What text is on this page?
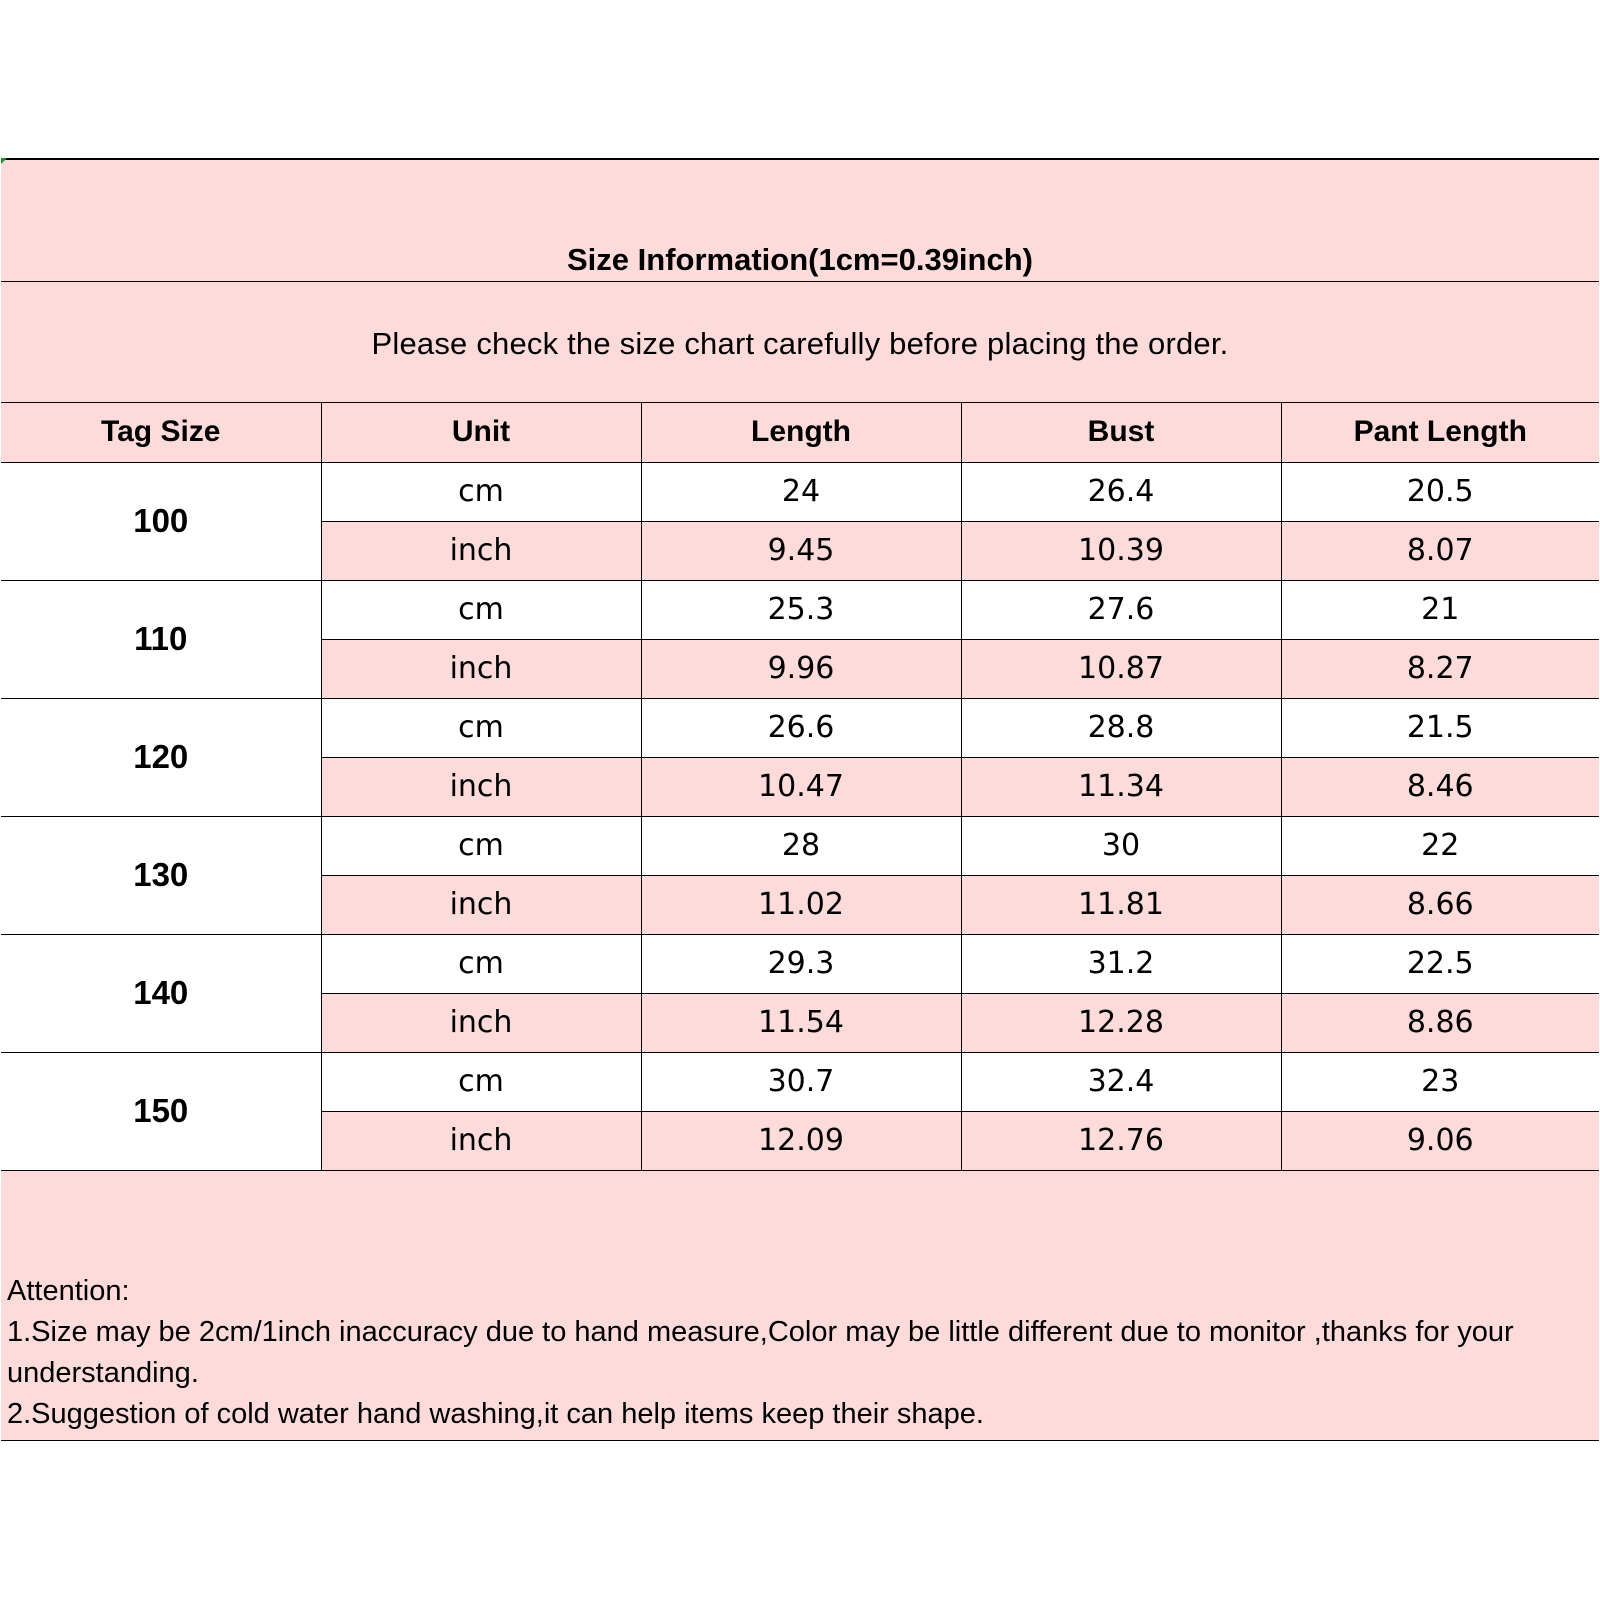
Size Information(1cm=0.39inch)
Please check the size chart carefully before placing the order.
Tag Size	Unit	Length	Bust	Pant Length
100	cm	24	26.4	20.5
	inch	9.45	10.39	8.07
110	cm	25.3	27.6	21
	inch	9.96	10.87	8.27
120	cm	26.6	28.8	21.5
	inch	10.47	11.34	8.46
130	cm	28	30	22
	inch	11.02	11.81	8.66
140	cm	29.3	31.2	22.5
	inch	11.54	12.28	8.86
150	cm	30.7	32.4	23
	inch	12.09	12.76	9.06
Attention:
1.Size may be 2cm/1inch inaccuracy due to hand measure,Color may be little different due to monitor ,thanks for your understanding.
2.Suggestion of cold water hand washing,it can help items keep their shape.
